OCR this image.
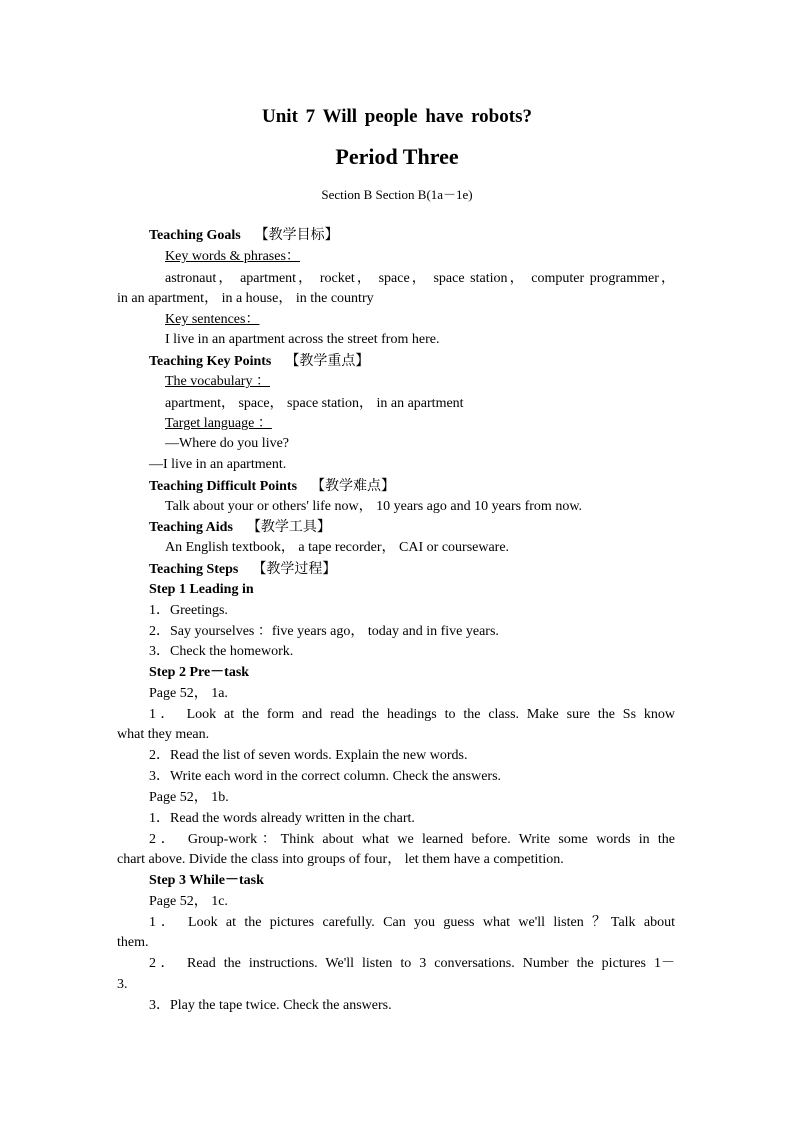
Unit 7 Will people have robots?
Period Three
Section B Section B(1a－1e)
Teaching Goals 【教学目标】
Key words & phrases：
astronaut， apartment， rocket， space， space station， computer programmer，
in an apartment， in a house， in the country
Key sentences：
I live in an apartment across the street from here.
Teaching Key Points 【教学重点】
The vocabulary ：
apartment， space， space station， in an apartment
Target language ：
—Where do you live?
—I live in an apartment.
Teaching Difficult Points 【教学难点】
Talk about your or others' life now， 10 years ago and 10 years from now.
Teaching Aids 【教学工具】
An English textbook， a tape recorder， CAI or courseware.
Teaching Steps 【教学过程】
Step 1 Leading in
1．Greetings.
2．Say yourselves ：five years ago， today and in five years.
3．Check the homework.
Step 2 Pre－task
Page 52， 1a.
1． Look at the form and read the headings to the class. Make sure the Ss know
what they mean.
2．Read the list of seven words. Explain the new words.
3．Write each word in the correct column. Check the answers.
Page 52， 1b.
1．Read the words already written in the chart.
2． Group-work：Think about what we learned before. Write some words in the
chart above. Divide the class into groups of four， let them have a competition.
Step 3 While－task
Page 52， 1c.
1． Look at the pictures carefully. Can you guess what we'll listen ？Talk about
them.
2． Read the instructions. We'll listen to 3 conversations. Number the pictures 1－
3.
3．Play the tape twice. Check the answers.
